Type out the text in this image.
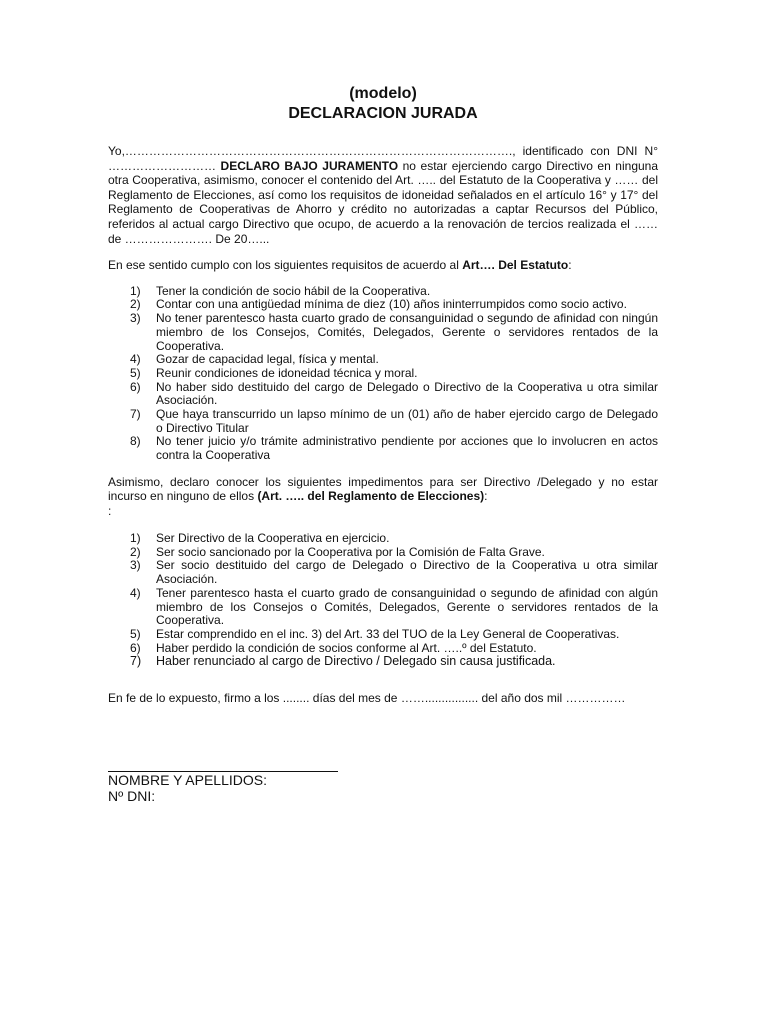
(modelo)

DECLARACION JURADA

Yo,……………………………………………………………………………………., identificado con DNI N° ……………………… DECLARO BAJO JURAMENTO no estar ejerciendo cargo Directivo en ninguna otra Cooperativa, asimismo, conocer el contenido del Art. ….. del Estatuto de la Cooperativa y …… del Reglamento de Elecciones, así como los requisitos de idoneidad señalados en el artículo 16° y 17° del Reglamento de Cooperativas de Ahorro y crédito no autorizadas a captar Recursos del Público, referidos al actual cargo Directivo que ocupo, de acuerdo a la renovación de tercios realizada el …… de …………………. De 20…...

En ese sentido cumplo con los siguientes requisitos de acuerdo al Art…. Del Estatuto:

1) Tener la condición de socio hábil de la Cooperativa.
2) Contar con una antigüedad mínima de diez (10) años ininterrumpidos como socio activo.
3) No tener parentesco hasta cuarto grado de consanguinidad o segundo de afinidad con ningún miembro de los Consejos, Comités, Delegados, Gerente o servidores rentados de la Cooperativa.
4) Gozar de capacidad legal, física y mental.
5) Reunir condiciones de idoneidad técnica y moral.
6) No haber sido destituido del cargo de Delegado o Directivo de la Cooperativa u otra similar Asociación.
7) Que haya transcurrido un lapso mínimo de un (01) año de haber ejercido cargo de Delegado o Directivo Titular
8) No tener juicio y/o trámite administrativo pendiente por acciones que lo involucren en actos contra la Cooperativa

Asimismo, declaro conocer los siguientes impedimentos para ser Directivo /Delegado y no estar incurso en ninguno de ellos (Art. ….. del Reglamento de Elecciones):

:

1) Ser Directivo de la Cooperativa en ejercicio.
2) Ser socio sancionado por la Cooperativa por la Comisión de Falta Grave.
3) Ser socio destituido del cargo de Delegado o Directivo de la Cooperativa u otra similar Asociación.
4) Tener parentesco hasta el cuarto grado de consanguinidad o segundo de afinidad con algún miembro de los Consejos o Comités, Delegados, Gerente o servidores rentados de la Cooperativa.
5) Estar comprendido en el inc. 3) del Art. 33 del TUO de la Ley General de Cooperativas.
6) Haber perdido la condición de socios conforme al Art. …..º del Estatuto.
7) Haber renunciado al cargo de Directivo / Delegado sin causa justificada.

En fe de lo expuesto, firmo a los ........ días del mes de ……................ del año dos mil ……………

NOMBRE Y APELLIDOS:

Nº DNI:
